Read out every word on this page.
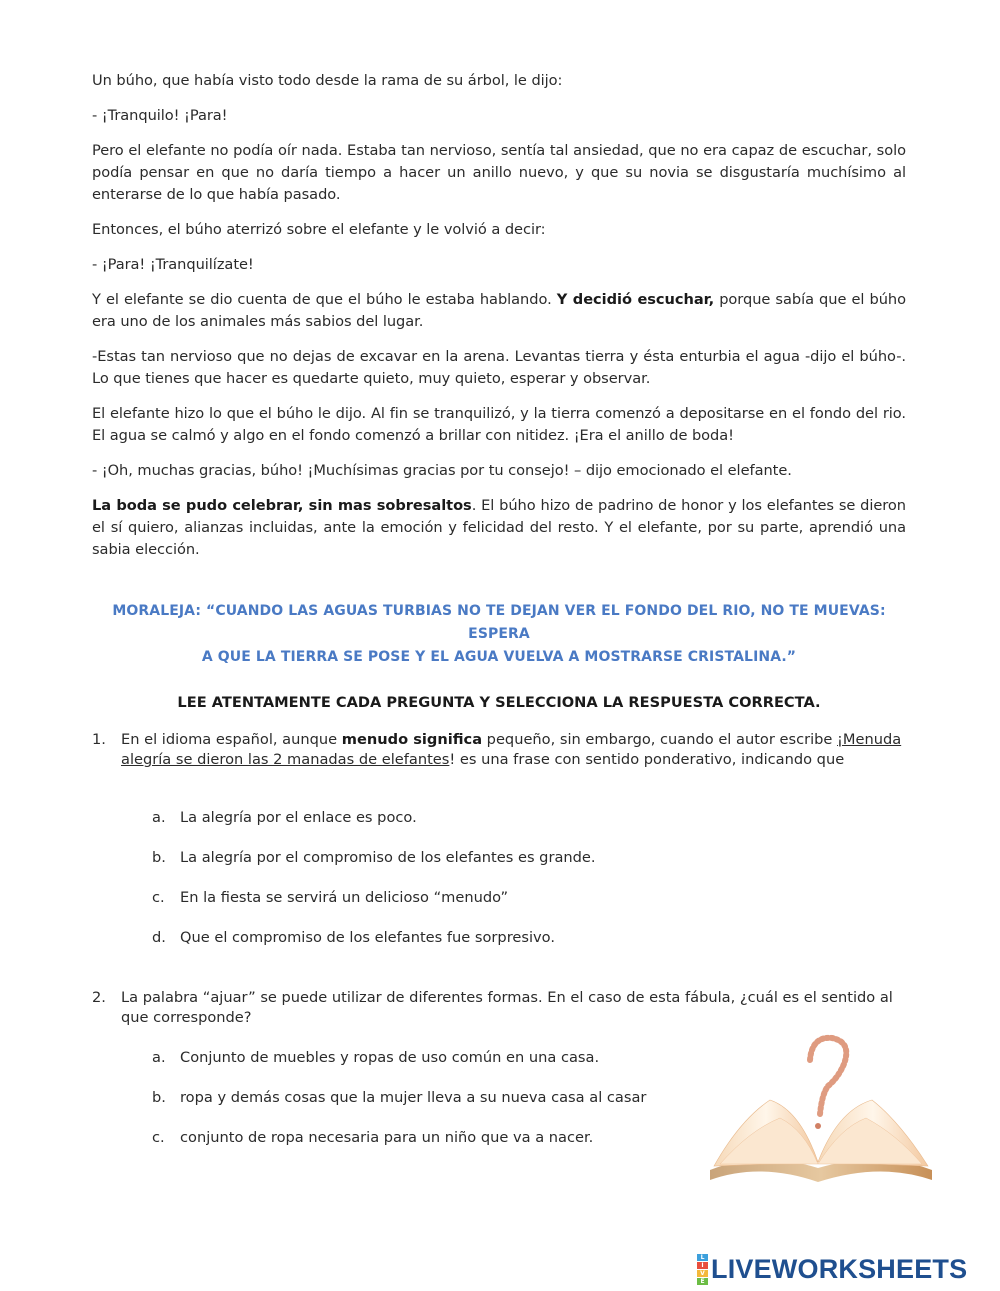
Un búho, que había visto todo desde la rama de su árbol, le dijo:

- ¡Tranquilo! ¡Para!

Pero el elefante no podía oír nada. Estaba tan nervioso, sentía tal ansiedad, que no era capaz de escuchar, solo podía pensar en que no daría tiempo a hacer un anillo nuevo, y que su novia se disgustaría muchísimo al enterarse de lo que había pasado.

Entonces, el búho aterrizó sobre el elefante y le volvió a decir:

- ¡Para! ¡Tranquilízate!

Y el elefante se dio cuenta de que el búho le estaba hablando. Y decidió escuchar, porque sabía que el búho era uno de los animales más sabios del lugar.

-Estas tan nervioso que no dejas de excavar en la arena. Levantas tierra y ésta enturbia el agua -dijo el búho-. Lo que tienes que hacer es quedarte quieto, muy quieto, esperar y observar.

El elefante hizo lo que el búho le dijo. Al fin se tranquilizó, y la tierra comenzó a depositarse en el fondo del rio. El agua se calmó y algo en el fondo comenzó a brillar con nitidez. ¡Era el anillo de boda!

- ¡Oh, muchas gracias, búho! ¡Muchísimas gracias por tu consejo! – dijo emocionado el elefante.

La boda se pudo celebrar, sin mas sobresaltos. El búho hizo de padrino de honor y los elefantes se dieron el sí quiero, alianzas incluidas, ante la emoción y felicidad del resto. Y el elefante, por su parte, aprendió una sabia elección.

MORALEJA: “CUANDO LAS AGUAS TURBIAS NO TE DEJAN VER EL FONDO DEL RIO, NO TE MUEVAS: ESPERA
A QUE LA TIERRA SE POSE Y EL AGUA VUELVA A MOSTRARSE CRISTALINA.”
LEE ATENTAMENTE CADA PREGUNTA Y SELECCIONA LA RESPUESTA CORRECTA.
1. En el idioma español, aunque menudo significa pequeño, sin embargo, cuando el autor escribe ¡Menuda alegría se dieron las 2 manadas de elefantes! es una frase con sentido ponderativo, indicando que
a. La alegría por el enlace es poco.
b. La alegría por el compromiso de los elefantes es grande.
c. En la fiesta se servirá un delicioso “menudo”
d. Que el compromiso de los elefantes fue sorpresivo.
2. La palabra “ajuar” se puede utilizar de diferentes formas. En el caso de esta fábula, ¿cuál es el sentido al que corresponde?
a. Conjunto de muebles y ropas de uso común en una casa.
b. ropa y demás cosas que la mujer lleva a su nueva casa al casar
c. conjunto de ropa necesaria para un niño que va a nacer.
L
I
V
E LIVEWORKSHEETS
